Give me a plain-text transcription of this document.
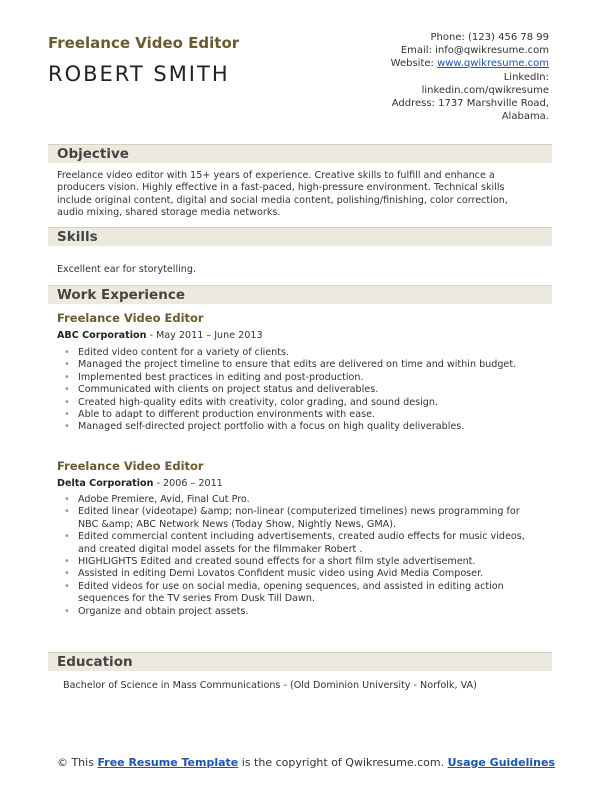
Freelance Video Editor
ROBERT SMITH
Phone: (123) 456 78 99
Email: info@qwikresume.com
Website: www.qwikresume.com
LinkedIn:
linkedin.com/qwikresume
Address: 1737 Marshville Road,
Alabama.
Objective
Freelance video editor with 15+ years of experience. Creative skills to fulfill and enhance a producers vision. Highly effective in a fast-paced, high-pressure environment. Technical skills include original content, digital and social media content, polishing/finishing, color correction, audio mixing, shared storage media networks.
Skills
Excellent ear for storytelling.
Work Experience
Freelance Video Editor
ABC Corporation - May 2011 – June 2013
• Edited video content for a variety of clients.
• Managed the project timeline to ensure that edits are delivered on time and within budget.
• Implemented best practices in editing and post-production.
• Communicated with clients on project status and deliverables.
• Created high-quality edits with creativity, color grading, and sound design.
• Able to adapt to different production environments with ease.
• Managed self-directed project portfolio with a focus on high quality deliverables.
Freelance Video Editor
Delta Corporation - 2006 – 2011
• Adobe Premiere, Avid, Final Cut Pro.
• Edited linear (videotape) &amp; non-linear (computerized timelines) news programming for NBC &amp; ABC Network News (Today Show, Nightly News, GMA).
• Edited commercial content including advertisements, created audio effects for music videos, and created digital model assets for the filmmaker Robert .
• HIGHLIGHTS Edited and created sound effects for a short film style advertisement.
• Assisted in editing Demi Lovatos Confident music video using Avid Media Composer.
• Edited videos for use on social media, opening sequences, and assisted in editing action sequences for the TV series From Dusk Till Dawn.
• Organize and obtain project assets.
Education
Bachelor of Science in Mass Communications - (Old Dominion University - Norfolk, VA)
© This Free Resume Template is the copyright of Qwikresume.com. Usage Guidelines
